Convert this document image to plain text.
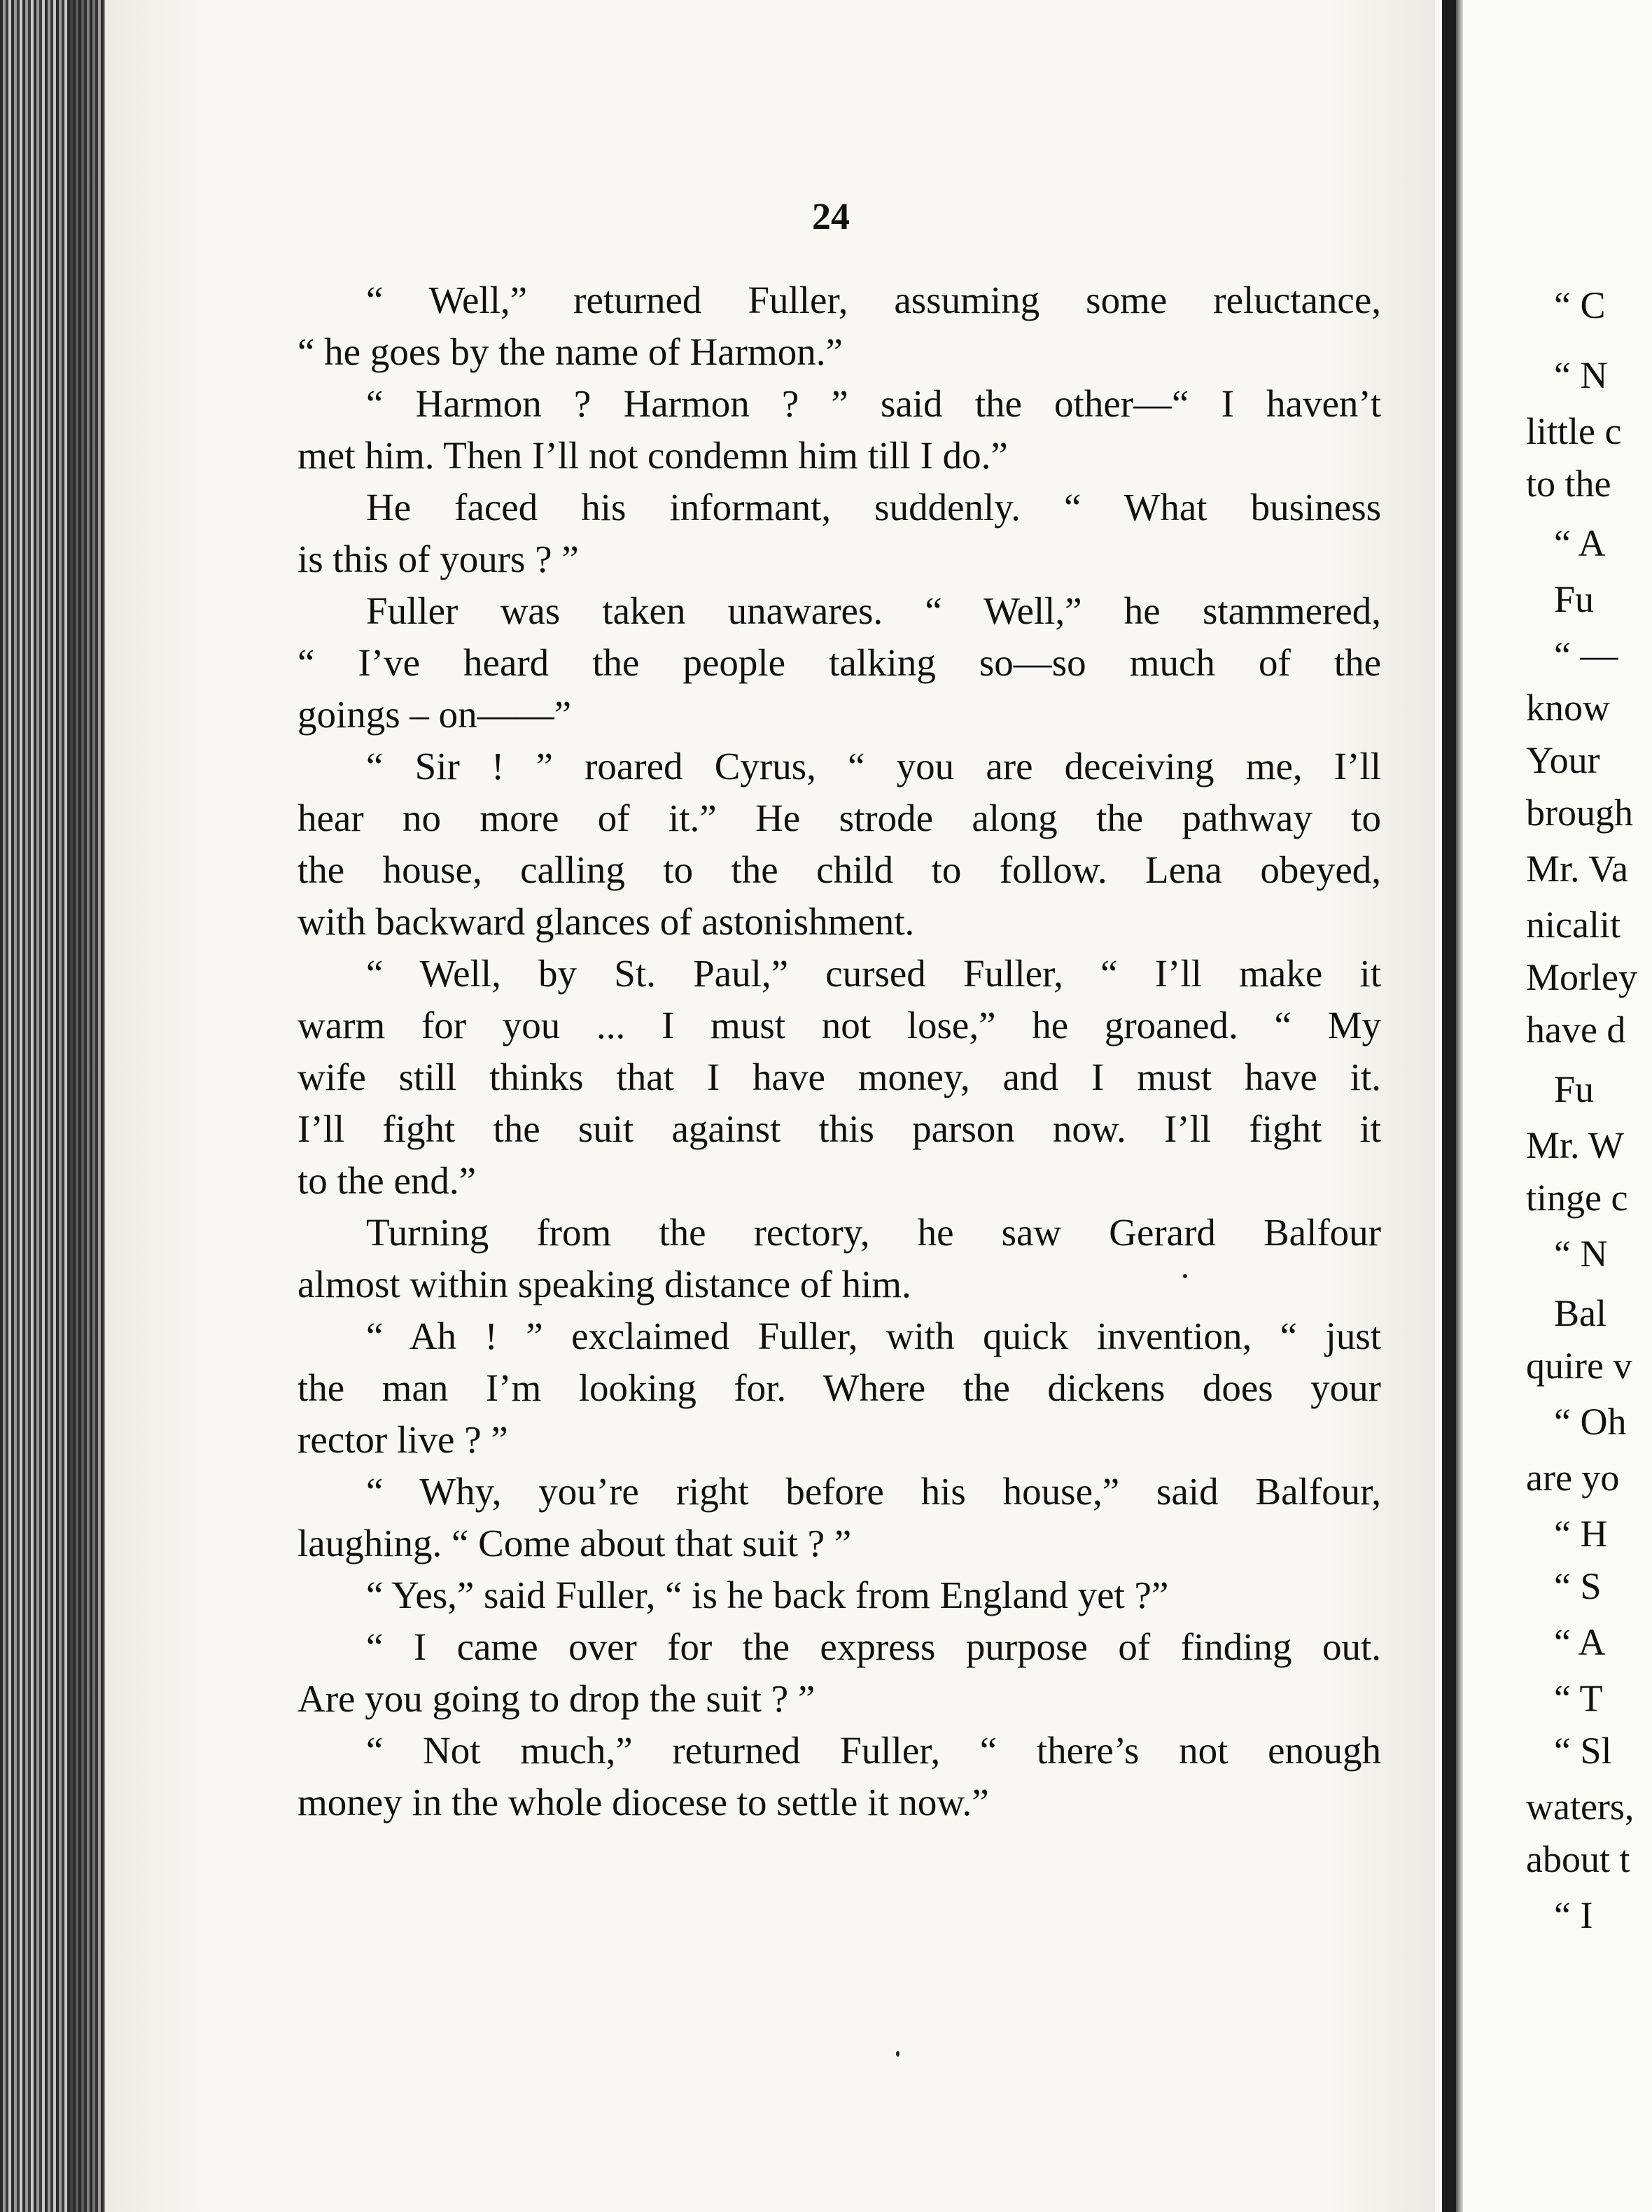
24
“ Well,” returned Fuller, assuming some reluctance,
“ he goes by the name of Harmon.”
“ Harmon ? Harmon ? ” said the other—“ I haven’t
met him. Then I’ll not condemn him till I do.”
He faced his informant, suddenly. “ What business
is this of yours ? ”
Fuller was taken unawares. “ Well,” he stammered,
“ I’ve heard the people talking so—so much of the
goings – on——”
“ Sir ! ” roared Cyrus, “ you are deceiving me, I’ll
hear no more of it.” He strode along the pathway to
the house, calling to the child to follow. Lena obeyed,
with backward glances of astonishment.
“ Well, by St. Paul,” cursed Fuller, “ I’ll make it
warm for you ... I must not lose,” he groaned. “ My
wife still thinks that I have money, and I must have it.
I’ll fight the suit against this parson now. I’ll fight it
to the end.”
Turning from the rectory, he saw Gerard Balfour
almost within speaking distance of him.
“ Ah ! ” exclaimed Fuller, with quick invention, “ just
the man I’m looking for. Where the dickens does your
rector live ? ”
“ Why, you’re right before his house,” said Balfour,
laughing. “ Come about that suit ? ”
“ Yes,” said Fuller, “ is he back from England yet ?”
“ I came over for the express purpose of finding out.
Are you going to drop the suit ? ”
“ Not much,” returned Fuller, “ there’s not enough
money in the whole diocese to settle it now.”
“ C
“ N
little c
to the
“ A
Fu
“ —
know
Your
brough
Mr. Va
nicalit
Morley
have d
Fu
Mr. W
tinge c
“ N
Bal
quire v
“ Oh
are yo
“ H
“ S
“ A
“ T
“ Sl
waters,
about t
“ I
